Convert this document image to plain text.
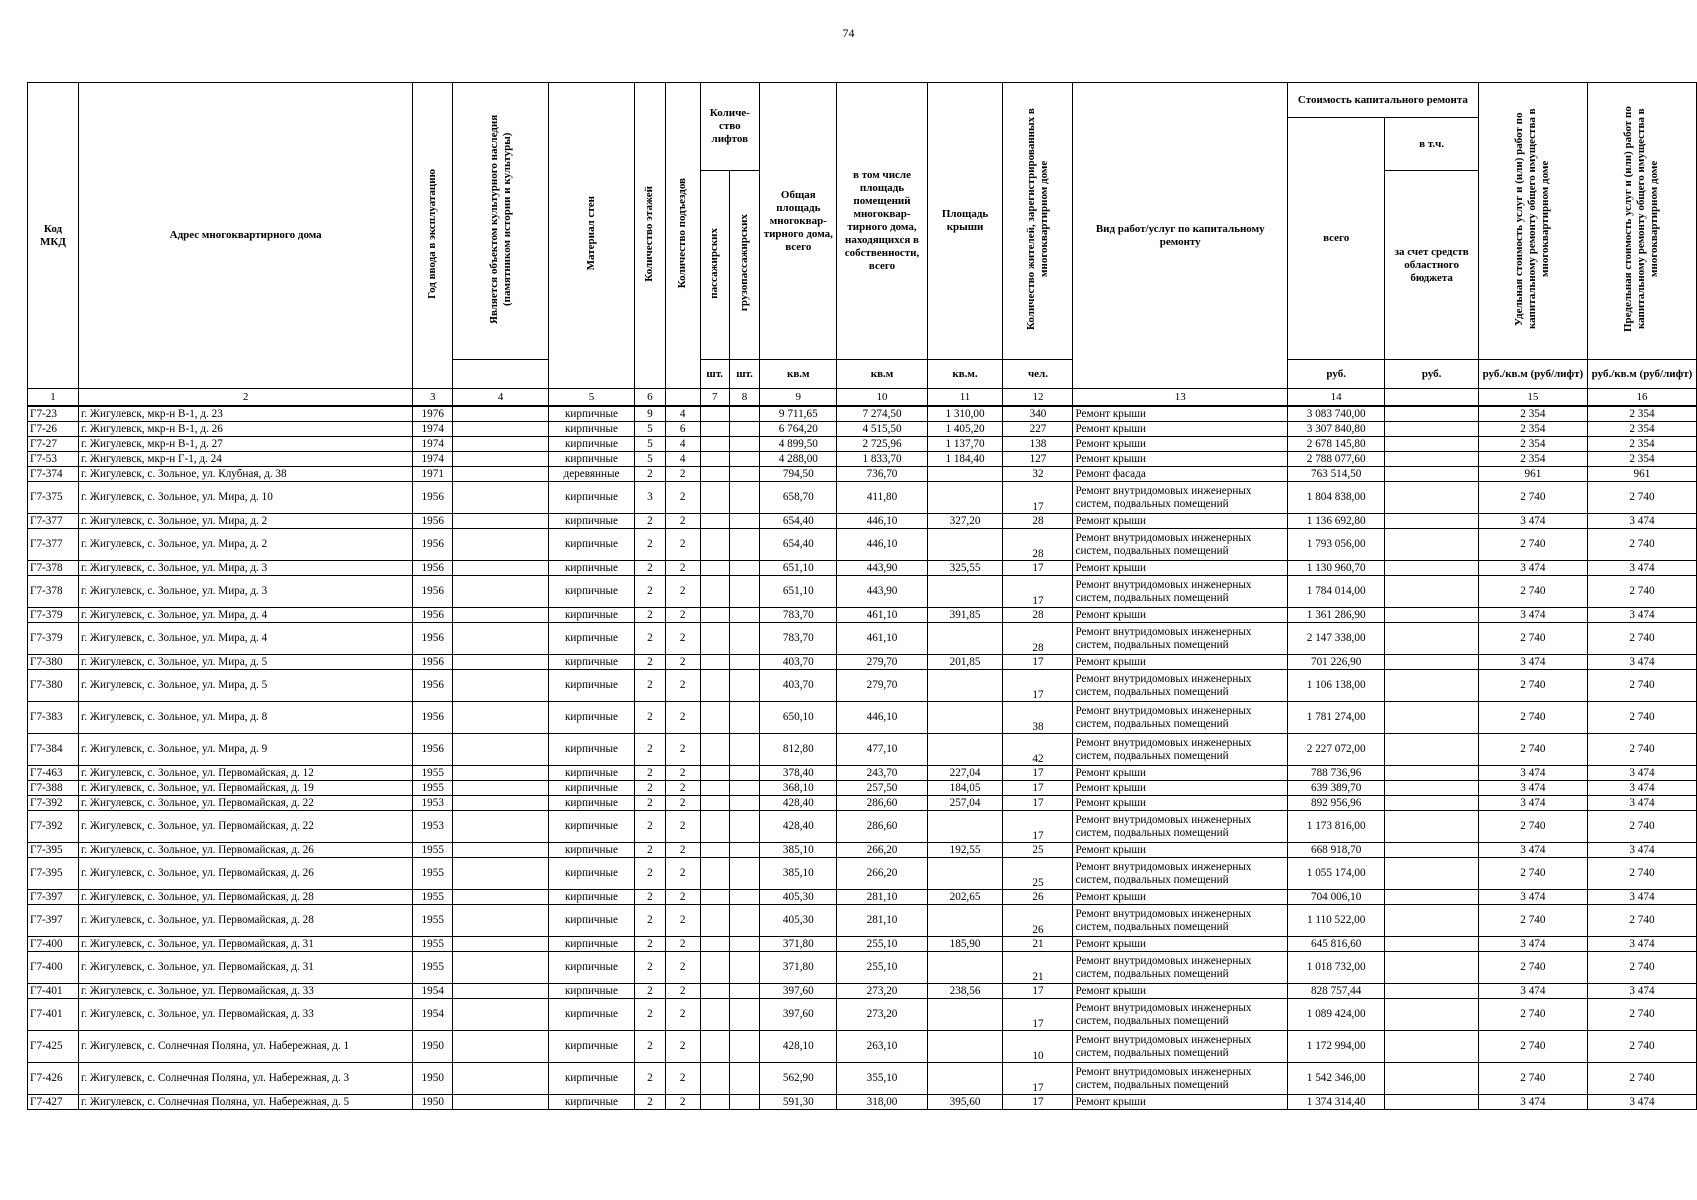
74
Код МКД	Адрес многоквартирного дома	Год ввода в эксплуатацию	Является объектом культурного наследия (памятником истории и культуры)	Материал стен	Количество этажей	Количество подъездов	Количе- ство лифтов		Общая площадь многоквар- тирного дома, всего	в том числе площадь помещений многоквар- тирного дома, находящихся в собственности, всего	Площадь крыши	Количество жителей, зарегистрированных в многоквартирном доме	Вид работ/услуг по капитальному ремонту	Стоимость капитального ремонта		Удельная стоимость услуг и (или) работ по капитальному ремонту общего имущества в многоквартирном доме	Предельная стоимость услуг и (или) работ по капитальному ремонту общего имущества в многоквартирном доме
														всего	в т.ч.		
							пассажирских	грузопассажирских							за счет средств областного бюджета		
							шт.	шт.	кв.м	кв.м	кв.м.	чел.		руб.	руб.	руб./кв.м (руб/лифт)	руб./кв.м (руб/лифт)
1	2	3	4	5	6		7	8	9	10	11	12	13	14		15	16
Г7-23	г. Жигулевск, мкр-н В-1, д. 23	1976		кирпичные	9	4			9 711,65	7 274,50	1 310,00	340	Ремонт крыши	3 083 740,00		2 354	2 354
Г7-26	г. Жигулевск, мкр-н В-1, д. 26	1974		кирпичные	5	6			6 764,20	4 515,50	1 405,20	227	Ремонт крыши	3 307 840,80		2 354	2 354
Г7-27	г. Жигулевск, мкр-н В-1, д. 27	1974		кирпичные	5	4			4 899,50	2 725,96	1 137,70	138	Ремонт крыши	2 678 145,80		2 354	2 354
Г7-53	г. Жигулевск, мкр-н Г-1, д. 24	1974		кирпичные	5	4			4 288,00	1 833,70	1 184,40	127	Ремонт крыши	2 788 077,60		2 354	2 354
Г7-374	г. Жигулевск, с. Зольное, ул. Клубная, д. 38	1971		деревянные	2	2			794,50	736,70		32	Ремонт фасада	763 514,50		961	961
Г7-375	г. Жигулевск, с. Зольное, ул. Мира, д. 10	1956		кирпичные	3	2			658,70	411,80		17	Ремонт внутридомовых инженерных систем, подвальных помещений	1 804 838,00		2 740	2 740
Г7-377	г. Жигулевск, с. Зольное, ул. Мира, д. 2	1956		кирпичные	2	2			654,40	446,10	327,20	28	Ремонт крыши	1 136 692,80		3 474	3 474
Г7-377	г. Жигулевск, с. Зольное, ул. Мира, д. 2	1956		кирпичные	2	2			654,40	446,10		28	Ремонт внутридомовых инженерных систем, подвальных помещений	1 793 056,00		2 740	2 740
Г7-378	г. Жигулевск, с. Зольное, ул. Мира, д. 3	1956		кирпичные	2	2			651,10	443,90	325,55	17	Ремонт крыши	1 130 960,70		3 474	3 474
Г7-378	г. Жигулевск, с. Зольное, ул. Мира, д. 3	1956		кирпичные	2	2			651,10	443,90		17	Ремонт внутридомовых инженерных систем, подвальных помещений	1 784 014,00		2 740	2 740
Г7-379	г. Жигулевск, с. Зольное, ул. Мира, д. 4	1956		кирпичные	2	2			783,70	461,10	391,85	28	Ремонт крыши	1 361 286,90		3 474	3 474
Г7-379	г. Жигулевск, с. Зольное, ул. Мира, д. 4	1956		кирпичные	2	2			783,70	461,10		28	Ремонт внутридомовых инженерных систем, подвальных помещений	2 147 338,00		2 740	2 740
Г7-380	г. Жигулевск, с. Зольное, ул. Мира, д. 5	1956		кирпичные	2	2			403,70	279,70	201,85	17	Ремонт крыши	701 226,90		3 474	3 474
Г7-380	г. Жигулевск, с. Зольное, ул. Мира, д. 5	1956		кирпичные	2	2			403,70	279,70		17	Ремонт внутридомовых инженерных систем, подвальных помещений	1 106 138,00		2 740	2 740
Г7-383	г. Жигулевск, с. Зольное, ул. Мира, д. 8	1956		кирпичные	2	2			650,10	446,10		38	Ремонт внутридомовых инженерных систем, подвальных помещений	1 781 274,00		2 740	2 740
Г7-384	г. Жигулевск, с. Зольное, ул. Мира, д. 9	1956		кирпичные	2	2			812,80	477,10		42	Ремонт внутридомовых инженерных систем, подвальных помещений	2 227 072,00		2 740	2 740
Г7-463	г. Жигулевск, с. Зольное, ул. Первомайская, д. 12	1955		кирпичные	2	2			378,40	243,70	227,04	17	Ремонт крыши	788 736,96		3 474	3 474
Г7-388	г. Жигулевск, с. Зольное, ул. Первомайская, д. 19	1955		кирпичные	2	2			368,10	257,50	184,05	17	Ремонт крыши	639 389,70		3 474	3 474
Г7-392	г. Жигулевск, с. Зольное, ул. Первомайская, д. 22	1953		кирпичные	2	2			428,40	286,60	257,04	17	Ремонт крыши	892 956,96		3 474	3 474
Г7-392	г. Жигулевск, с. Зольное, ул. Первомайская, д. 22	1953		кирпичные	2	2			428,40	286,60		17	Ремонт внутридомовых инженерных систем, подвальных помещений	1 173 816,00		2 740	2 740
Г7-395	г. Жигулевск, с. Зольное, ул. Первомайская, д. 26	1955		кирпичные	2	2			385,10	266,20	192,55	25	Ремонт крыши	668 918,70		3 474	3 474
Г7-395	г. Жигулевск, с. Зольное, ул. Первомайская, д. 26	1955		кирпичные	2	2			385,10	266,20		25	Ремонт внутридомовых инженерных систем, подвальных помещений	1 055 174,00		2 740	2 740
Г7-397	г. Жигулевск, с. Зольное, ул. Первомайская, д. 28	1955		кирпичные	2	2			405,30	281,10	202,65	26	Ремонт крыши	704 006,10		3 474	3 474
Г7-397	г. Жигулевск, с. Зольное, ул. Первомайская, д. 28	1955		кирпичные	2	2			405,30	281,10		26	Ремонт внутридомовых инженерных систем, подвальных помещений	1 110 522,00		2 740	2 740
Г7-400	г. Жигулевск, с. Зольное, ул. Первомайская, д. 31	1955		кирпичные	2	2			371,80	255,10	185,90	21	Ремонт крыши	645 816,60		3 474	3 474
Г7-400	г. Жигулевск, с. Зольное, ул. Первомайская, д. 31	1955		кирпичные	2	2			371,80	255,10		21	Ремонт внутридомовых инженерных систем, подвальных помещений	1 018 732,00		2 740	2 740
Г7-401	г. Жигулевск, с. Зольное, ул. Первомайская, д. 33	1954		кирпичные	2	2			397,60	273,20	238,56	17	Ремонт крыши	828 757,44		3 474	3 474
Г7-401	г. Жигулевск, с. Зольное, ул. Первомайская, д. 33	1954		кирпичные	2	2			397,60	273,20		17	Ремонт внутридомовых инженерных систем, подвальных помещений	1 089 424,00		2 740	2 740
Г7-425	г. Жигулевск, с. Солнечная Поляна, ул. Набережная, д. 1	1950		кирпичные	2	2			428,10	263,10		10	Ремонт внутридомовых инженерных систем, подвальных помещений	1 172 994,00		2 740	2 740
Г7-426	г. Жигулевск, с. Солнечная Поляна, ул. Набережная, д. 3	1950		кирпичные	2	2			562,90	355,10		17	Ремонт внутридомовых инженерных систем, подвальных помещений	1 542 346,00		2 740	2 740
Г7-427	г. Жигулевск, с. Солнечная Поляна, ул. Набережная, д. 5	1950		кирпичные	2	2			591,30	318,00	395,60	17	Ремонт крыши	1 374 314,40		3 474	3 474
